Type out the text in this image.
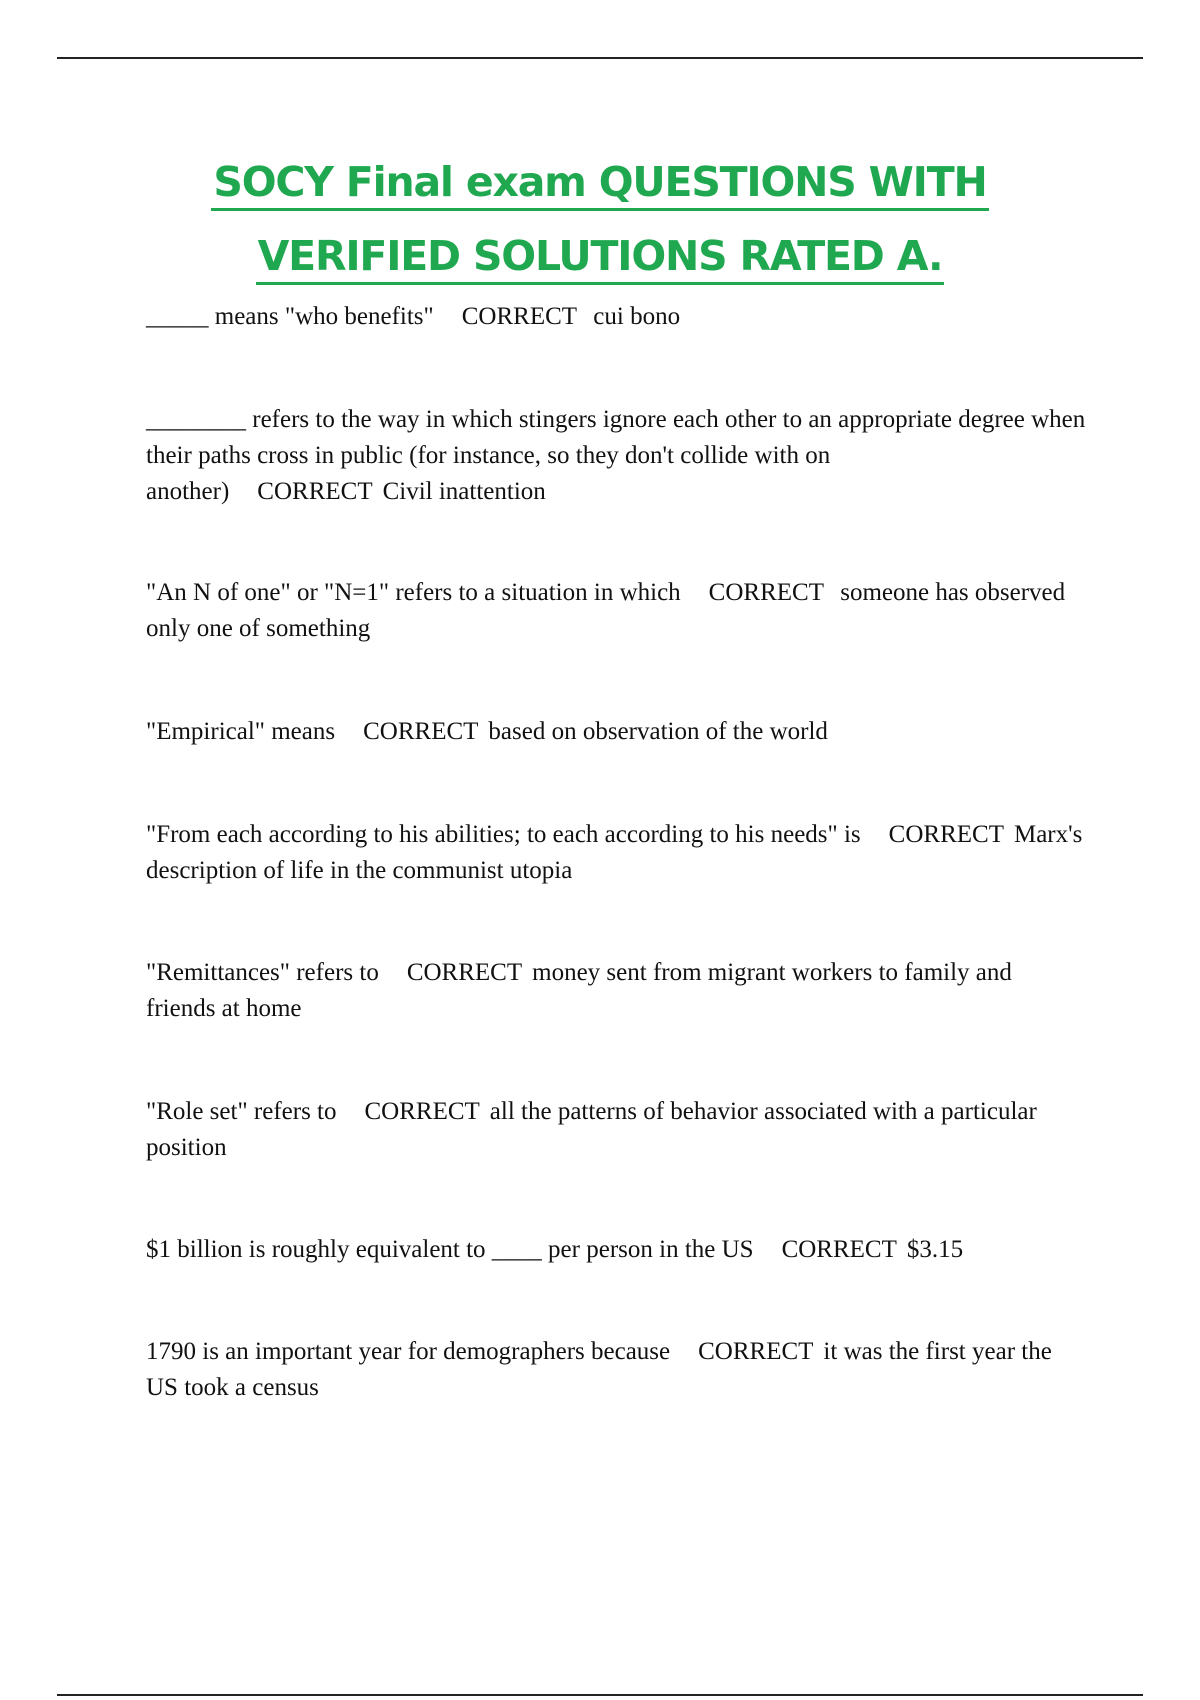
SOCY Final exam QUESTIONS WITH
VERIFIED SOLUTIONS RATED A.

_____ means "who benefits" CORRECT cui bono

________ refers to the way in which stingers ignore each other to an appropriate degree when their paths cross in public (for instance, so they don't collide with on another) CORRECT Civil inattention

"An N of one" or "N=1" refers to a situation in which CORRECT someone has observed only one of something

"Empirical" means CORRECT based on observation of the world

"From each according to his abilities; to each according to his needs" is CORRECT Marx's description of life in the communist utopia

"Remittances" refers to CORRECT money sent from migrant workers to family and friends at home

"Role set" refers to CORRECT all the patterns of behavior associated with a particular position

$1 billion is roughly equivalent to ____ per person in the US CORRECT $3.15

1790 is an important year for demographers because CORRECT it was the first year the US took a census
